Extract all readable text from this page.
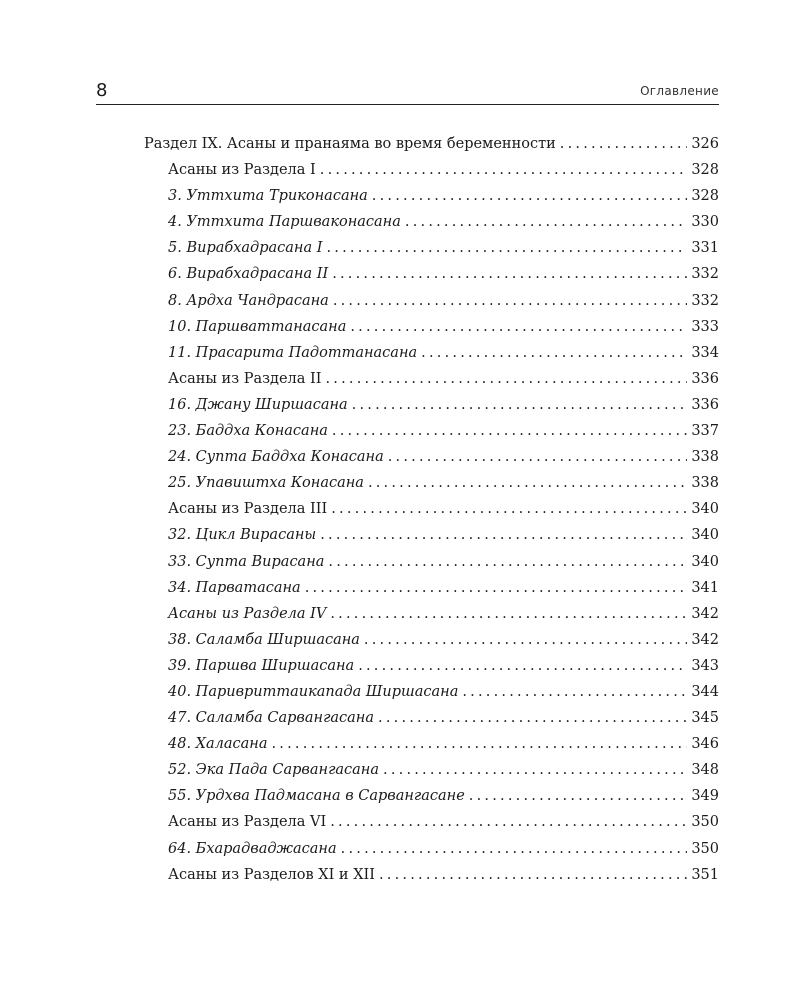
8	Оглавление
Раздел IX. Асаны и пранаяма во время беременности .....	326
Асаны из Раздела I .....	328
3. Уттхита Триконасана .....	328
4. Уттхита Паршваконасана .....	330
5. Вирабхадрасана I .....	331
6. Вирабхадрасана II .....	332
8. Ардха Чандрасана .....	332
10. Паршваттанасана .....	333
11. Прасарита Падоттанасана .....	334
Асаны из Раздела II .....	336
16. Джану Ширшасана .....	336
23. Баддха Конасана .....	337
24. Супта Баддха Конасана .....	338
25. Упавиштха Конасана .....	338
Асаны из Раздела III .....	340
32. Цикл Вирасаны .....	340
33. Супта Вирасана .....	340
34. Парватасана .....	341
Асаны из Раздела IV .....	342
38. Саламба Ширшасана .....	342
39. Паршва Ширшасана .....	343
40. Паривриттаикапада Ширшасана .....	344
47. Саламба Сарвангасана .....	345
48. Халасана .....	346
52. Эка Пада Сарвангасана .....	348
55. Урдхва Падмасана в Сарвангасане .....	349
Асаны из Раздела VI .....	350
64. Бхарадваджасана .....	350
Асаны из Разделов XI и XII .....	351
